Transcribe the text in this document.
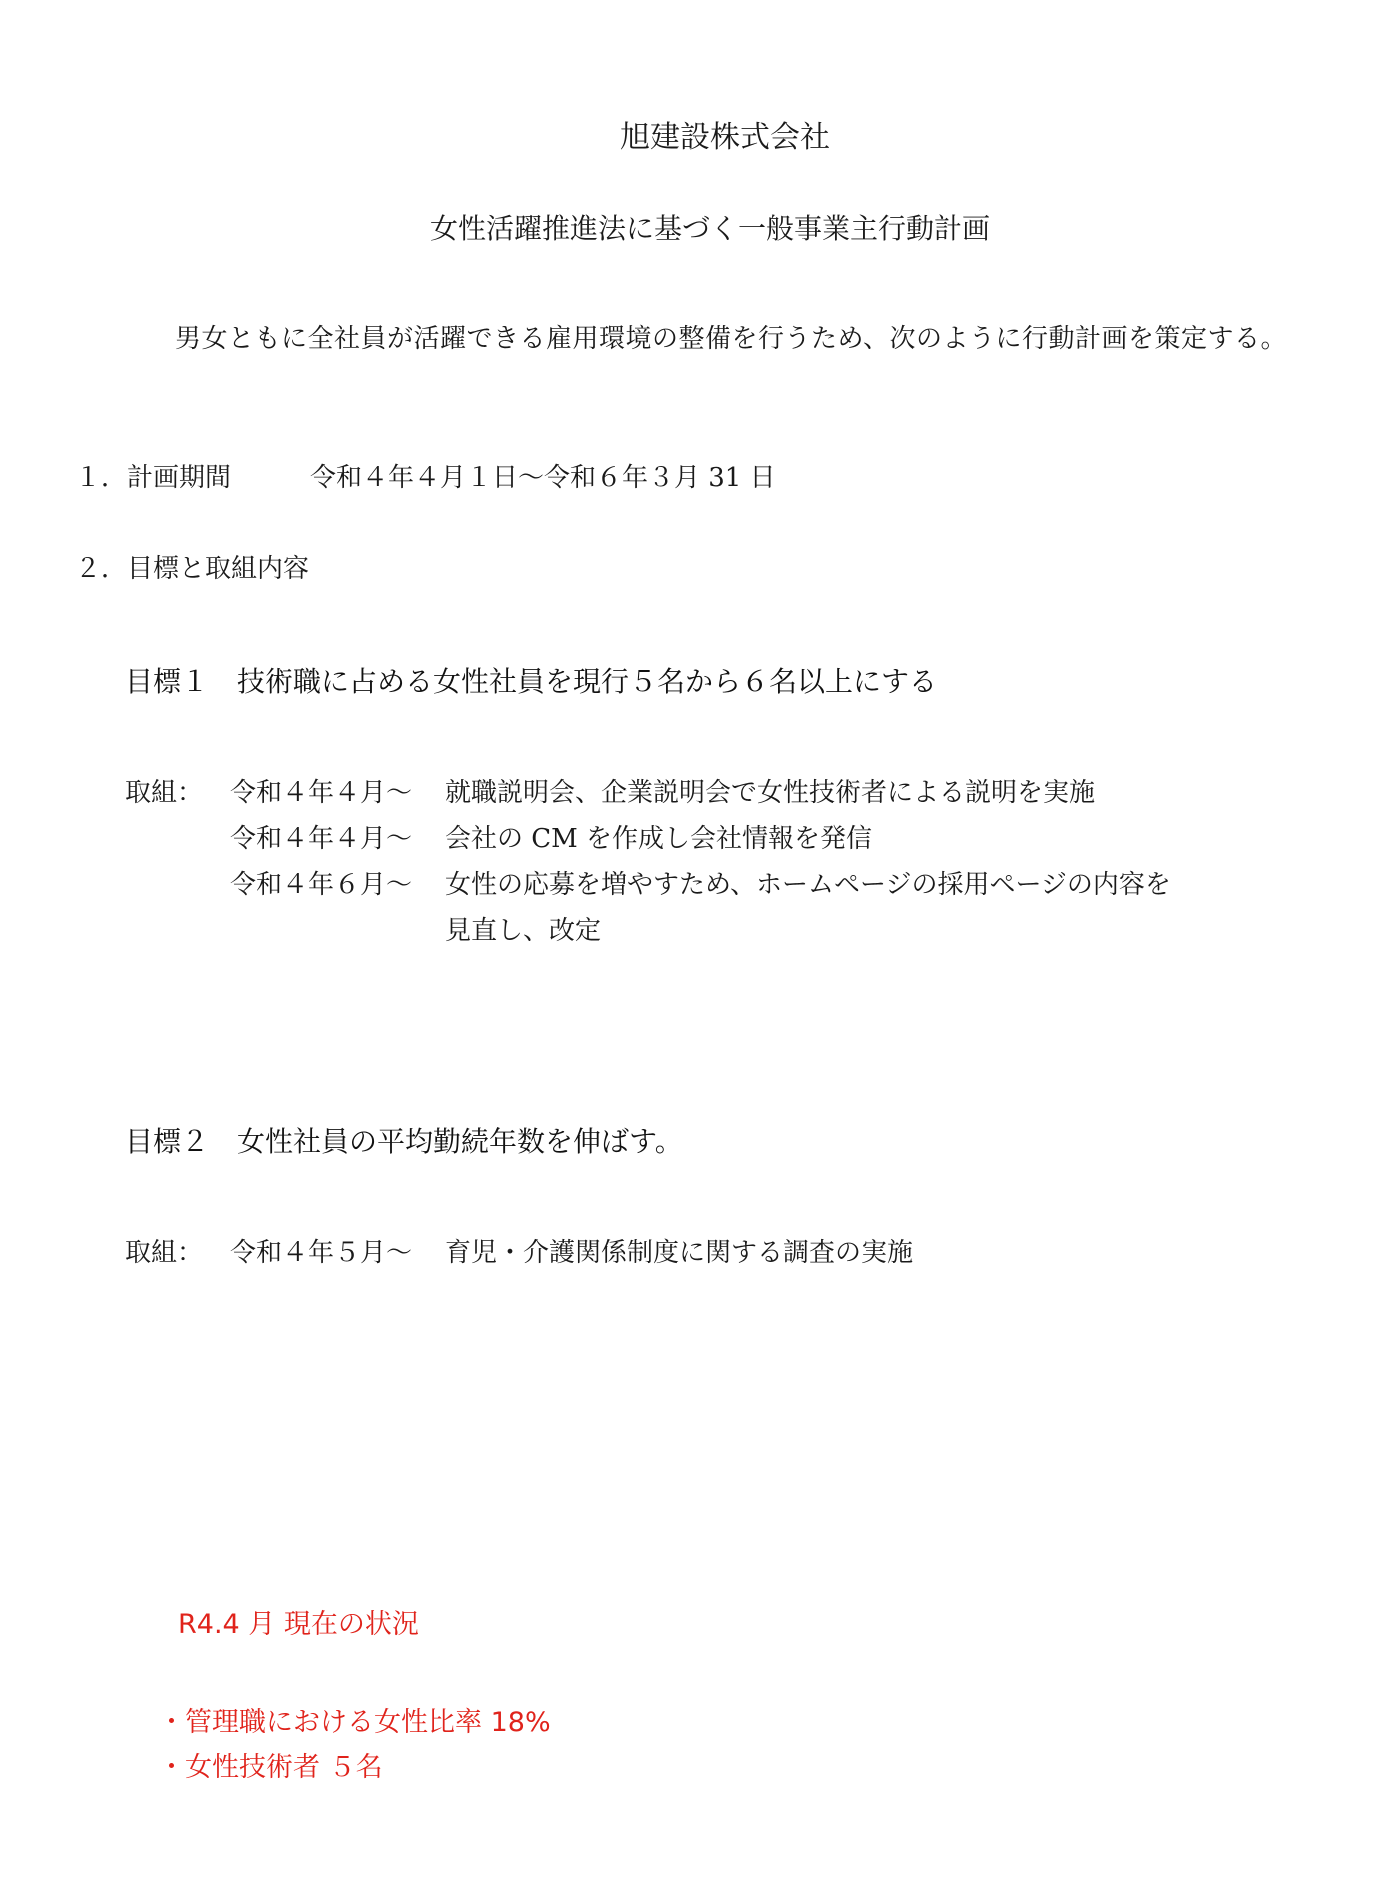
旭建設株式会社
女性活躍推進法に基づく一般事業主行動計画
男女ともに全社員が活躍できる雇用環境の整備を行うため、次のように行動計画を策定する。
１．計画期間	令和４年４月１日〜令和６年３月 31 日
２．目標と取組内容
目標１　技術職に占める女性社員を現行５名から６名以上にする
取組： 令和４年４月〜 就職説明会、企業説明会で女性技術者による説明を実施
令和４年４月〜 会社の CM を作成し会社情報を発信
令和４年６月〜 女性の応募を増やすため、ホームページの採用ページの内容を
見直し、改定
目標２　女性社員の平均勤続年数を伸ばす。
取組： 令和４年５月〜 育児・介護関係制度に関する調査の実施
R4.4 月 現在の状況
・管理職における女性比率 18%
・女性技術者 ５名
